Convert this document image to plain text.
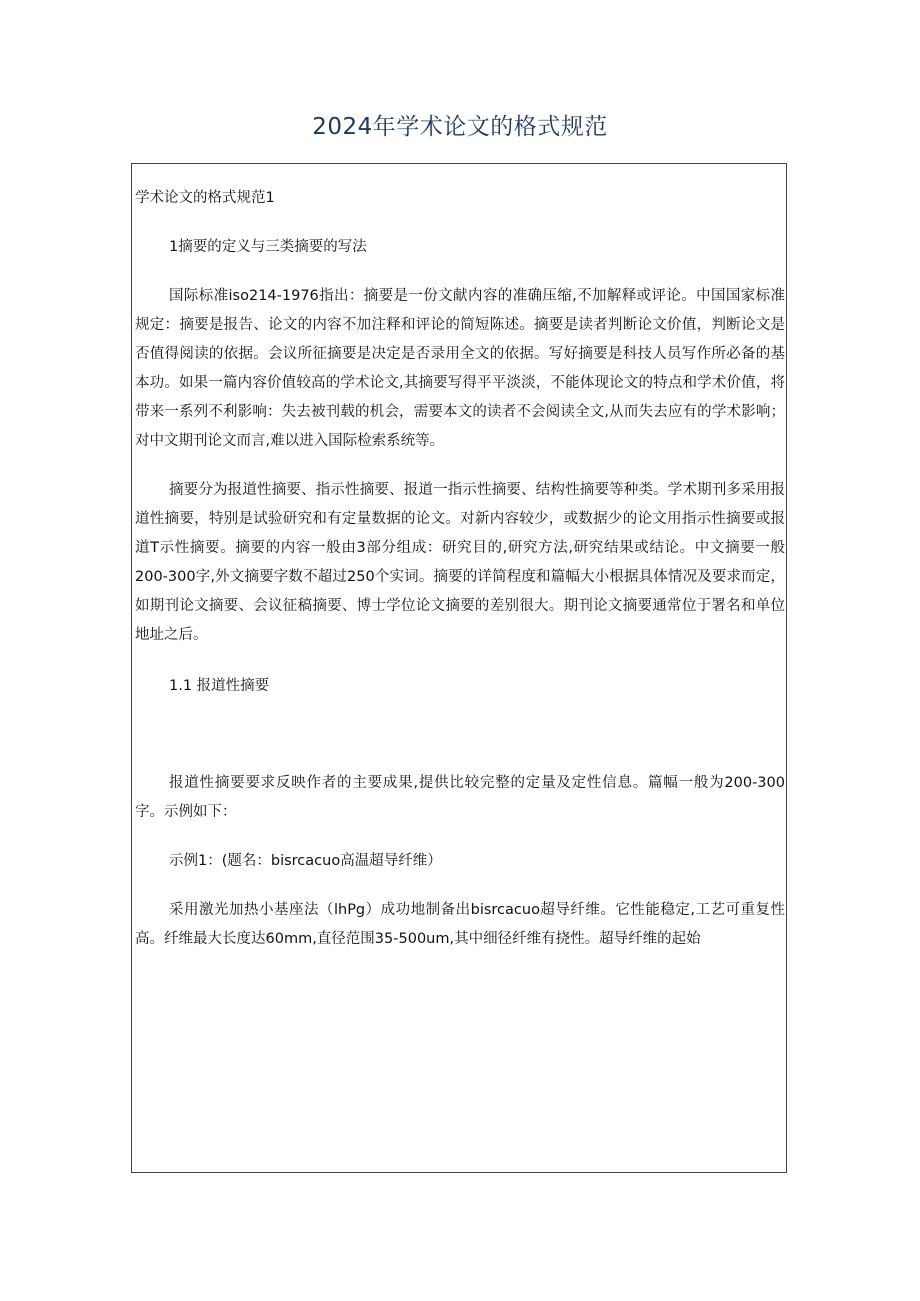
2024年学术论文的格式规范

学术论文的格式规范1

1摘要的定义与三类摘要的写法

国际标准iso214-1976指出：摘要是一份文献内容的准确压缩,不加解释或评论。中国国家标准规定：摘要是报告、论文的内容不加注释和评论的简短陈述。摘要是读者判断论文价值，判断论文是否值得阅读的依据。会议所征摘要是决定是否录用全文的依据。写好摘要是科技人员写作所必备的基本功。如果一篇内容价值较高的学术论文,其摘要写得平平淡淡，不能体现论文的特点和学术价值，将带来一系列不利影响：失去被刊载的机会，需要本文的读者不会阅读全文,从而失去应有的学术影响；对中文期刊论文而言,难以进入国际检索系统等。

摘要分为报道性摘要、指示性摘要、报道一指示性摘要、结构性摘要等种类。学术期刊多采用报道性摘要，特别是试验研究和有定量数据的论文。对新内容较少，或数据少的论文用指示性摘要或报道T示性摘要。摘要的内容一般由3部分组成：研究目的,研究方法,研究结果或结论。中文摘要一般200-300字,外文摘要字数不超过250个实词。摘要的详简程度和篇幅大小根据具体情况及要求而定，如期刊论文摘要、会议征稿摘要、博士学位论文摘要的差别很大。期刊论文摘要通常位于署名和单位地址之后。

1.1 报道性摘要

报道性摘要要求反映作者的主要成果,提供比较完整的定量及定性信息。篇幅一般为200-300字。示例如下：

示例1：(题名：bisrcacuo高温超导纤维）

采用激光加热小基座法（lhPg）成功地制备出bisrcacuo超导纤维。它性能稳定,工艺可重复性高。纤维最大长度达60mm,直径范围35-500um,其中细径纤维有挠性。超导纤维的起始
